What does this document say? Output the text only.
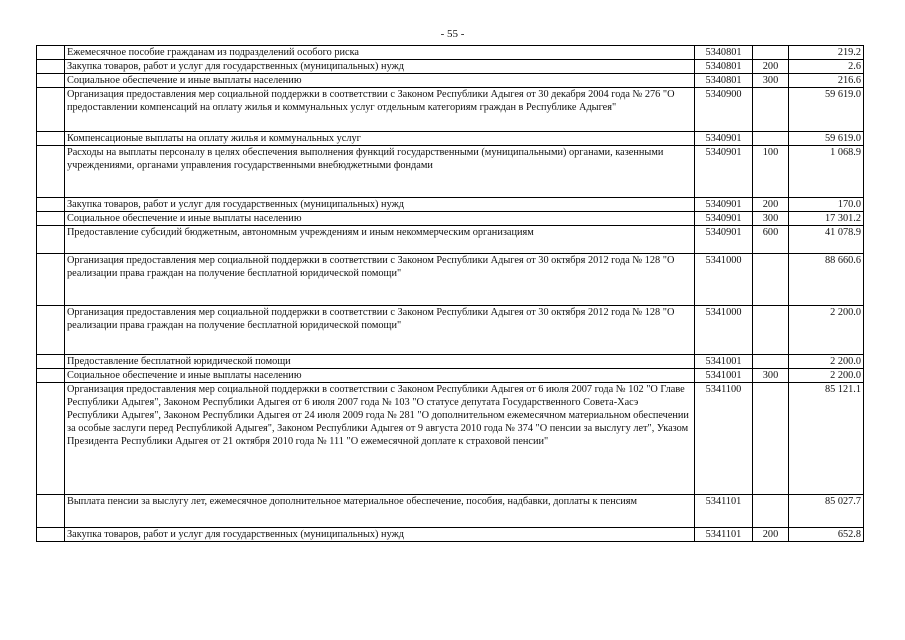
- 55 -
	Ежемесячное пособие гражданам из подразделений особого риска	5340801		219.2
	Закупка товаров, работ и услуг для государственных (муниципальных) нужд	5340801	200	2.6
	Социальное обеспечение и иные выплаты населению	5340801	300	216.6
	Организация предоставления мер социальной поддержки в соответствии с Законом Республики Адыгея от 30 декабря 2004 года № 276 "О предоставлении компенсаций на оплату жилья и коммунальных услуг отдельным категориям граждан в Республике Адыгея"	5340900		59 619.0
	Компенсационые выплаты на оплату жилья и коммунальных услуг	5340901		59 619.0
	Расходы на выплаты персоналу в целях обеспечения выполнения функций государственными (муниципальными) органами, казенными учреждениями, органами управления государственными внебюджетными фондами	5340901	100	1 068.9
	Закупка товаров, работ и услуг для государственных (муниципальных) нужд	5340901	200	170.0
	Социальное обеспечение и иные выплаты населению	5340901	300	17 301.2
	Предоставление субсидий бюджетным, автономным учреждениям и иным некоммерческим организациям	5340901	600	41 078.9
	Организация предоставления мер социальной поддержки в соответствии с Законом Республики Адыгея от 30 октября 2012 года № 128 "О реализации права граждан на получение бесплатной юридической помощи"	5341000		88 660.6
	Организация предоставления мер социальной поддержки в соответствии с Законом Республики Адыгея от 30 октября 2012 года № 128 "О реализации права граждан на получение бесплатной юридической помощи"	5341000		2 200.0
	Предоставление бесплатной юридической помощи	5341001		2 200.0
	Социальное обеспечение и иные выплаты населению	5341001	300	2 200.0
	Организация предоставления мер социальной поддержки в соответствии с Законом Республики Адыгея от 6 июля 2007 года № 102 "О Главе Республики Адыгея", Законом Республики Адыгея от 6 июля 2007 года № 103 "О статусе депутата Государственного Совета-Хасэ Республики Адыгея", Законом Республики Адыгея от 24 июля 2009 года № 281 "О дополнительном ежемесячном материальном обеспечении за особые заслуги перед Республикой Адыгея", Законом Республики Адыгея от 9 августа 2010 года № 374 "О пенсии за выслугу лет", Указом Президента Республики Адыгея от 21 октября 2010 года № 111 "О ежемесячной доплате к страховой пенсии"	5341100		85 121.1
	Выплата пенсии за выслугу лет, ежемесячное дополнительное материальное обеспечение, пособия, надбавки, доплаты к пенсиям	5341101		85 027.7
	Закупка товаров, работ и услуг для государственных (муниципальных) нужд	5341101	200	652.8
